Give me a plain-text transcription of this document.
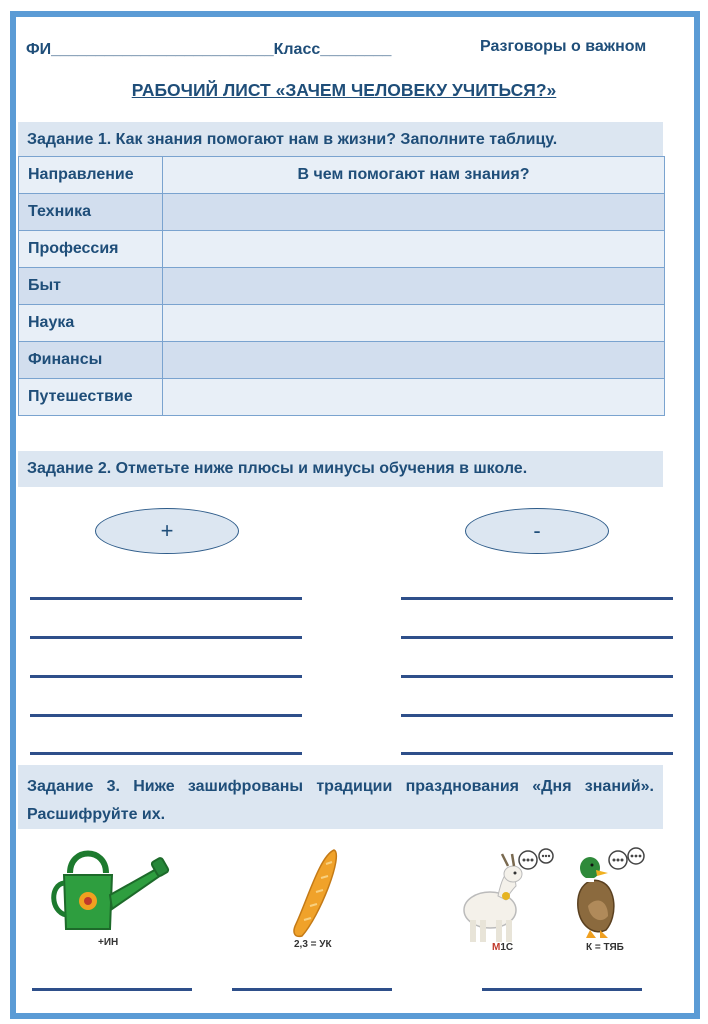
ФИ_________________________Класс________	Разговоры о важном
РАБОЧИЙ ЛИСТ «ЗАЧЕМ ЧЕЛОВЕКУ УЧИТЬСЯ?»
Задание 1. Как знания помогают нам в жизни? Заполните таблицу.
Направление	В чем помогают нам знания?
Техника	
Профессия	
Быт	
Наука	
Финансы	
Путешествие	
Задание 2. Отметьте ниже плюсы и минусы обучения в школе.
+	-

Задание 3. Ниже зашифрованы традиции празднования «Дня знаний». Расшифруйте их.

+ИН	2,3 = УК	М1С	К = ТЯБ
